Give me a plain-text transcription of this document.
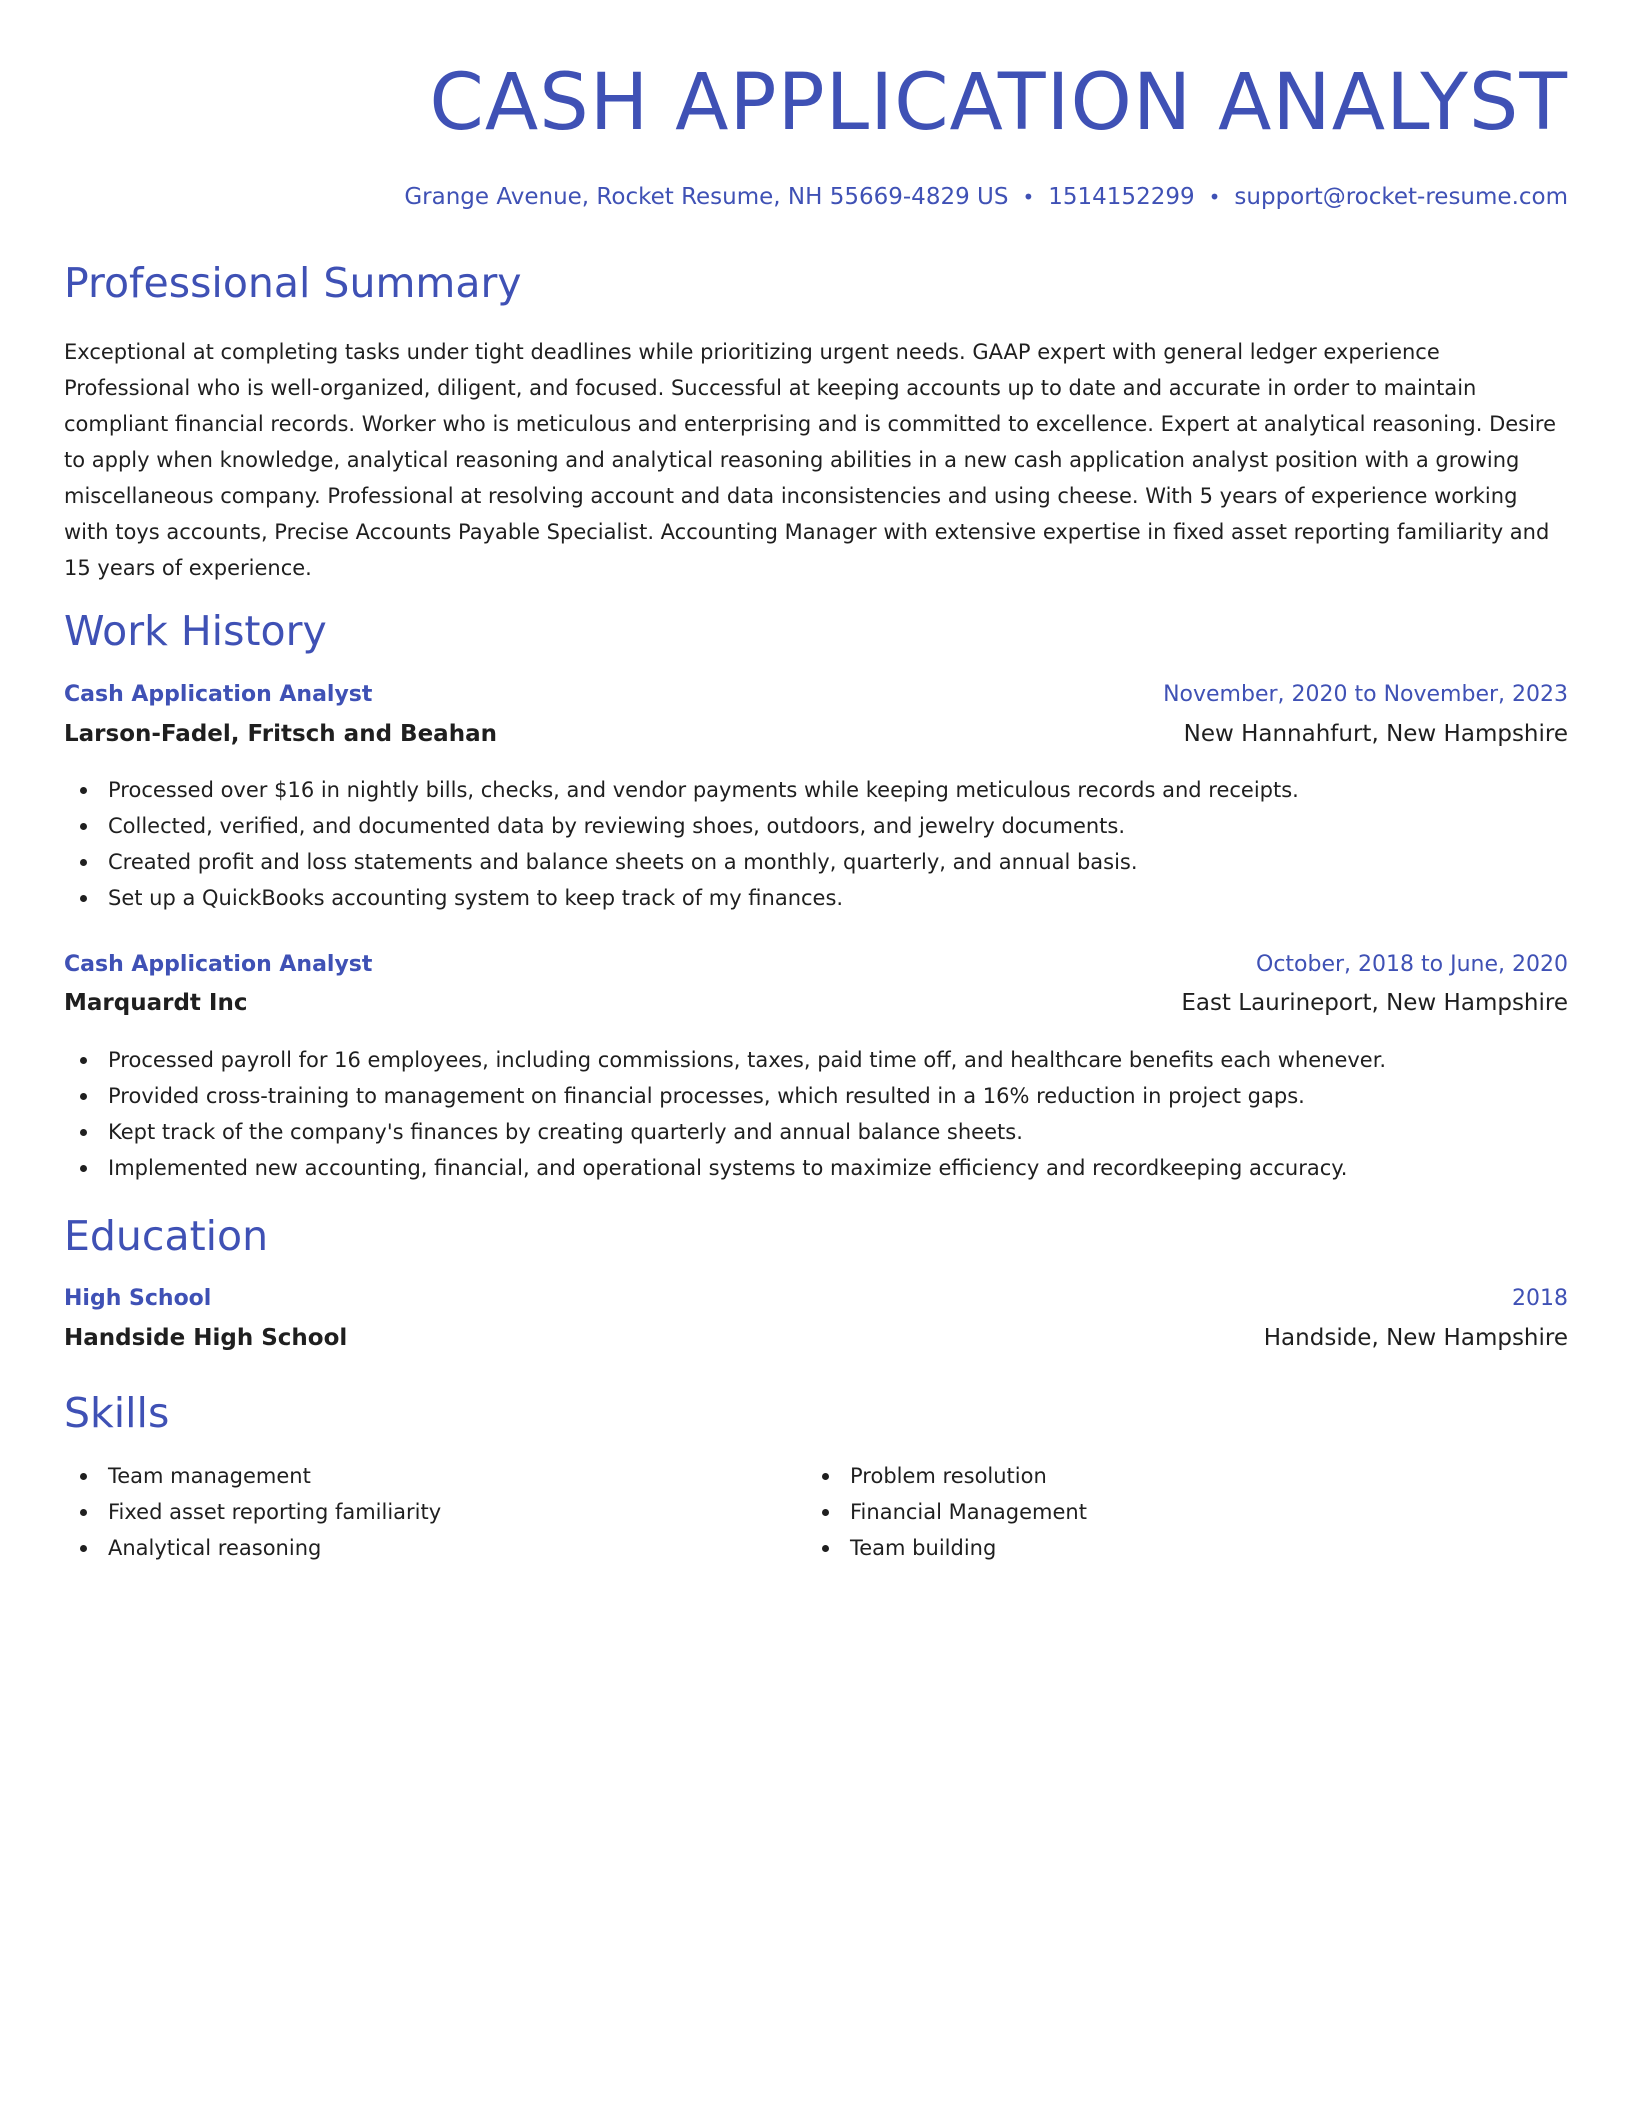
CASH APPLICATION ANALYST
Grange Avenue, Rocket Resume, NH 55669-4829 US • 1514152299 • support@rocket-resume.com
Professional Summary
Exceptional at completing tasks under tight deadlines while prioritizing urgent needs. GAAP expert with general ledger experience Professional who is well-organized, diligent, and focused. Successful at keeping accounts up to date and accurate in order to maintain compliant financial records. Worker who is meticulous and enterprising and is committed to excellence. Expert at analytical reasoning. Desire to apply when knowledge, analytical reasoning and analytical reasoning abilities in a new cash application analyst position with a growing miscellaneous company. Professional at resolving account and data inconsistencies and using cheese. With 5 years of experience working with toys accounts, Precise Accounts Payable Specialist. Accounting Manager with extensive expertise in fixed asset reporting familiarity and 15 years of experience.
Work History
Cash Application Analyst	November, 2020 to November, 2023
Larson-Fadel, Fritsch and Beahan	New Hannahfurt, New Hampshire
Processed over $16 in nightly bills, checks, and vendor payments while keeping meticulous records and receipts.
Collected, verified, and documented data by reviewing shoes, outdoors, and jewelry documents.
Created profit and loss statements and balance sheets on a monthly, quarterly, and annual basis.
Set up a QuickBooks accounting system to keep track of my finances.
Cash Application Analyst	October, 2018 to June, 2020
Marquardt Inc	East Laurineport, New Hampshire
Processed payroll for 16 employees, including commissions, taxes, paid time off, and healthcare benefits each whenever.
Provided cross-training to management on financial processes, which resulted in a 16% reduction in project gaps.
Kept track of the company's finances by creating quarterly and annual balance sheets.
Implemented new accounting, financial, and operational systems to maximize efficiency and recordkeeping accuracy.
Education
High School	2018
Handside High School	Handside, New Hampshire
Skills
Team management
Fixed asset reporting familiarity
Analytical reasoning
Problem resolution
Financial Management
Team building
